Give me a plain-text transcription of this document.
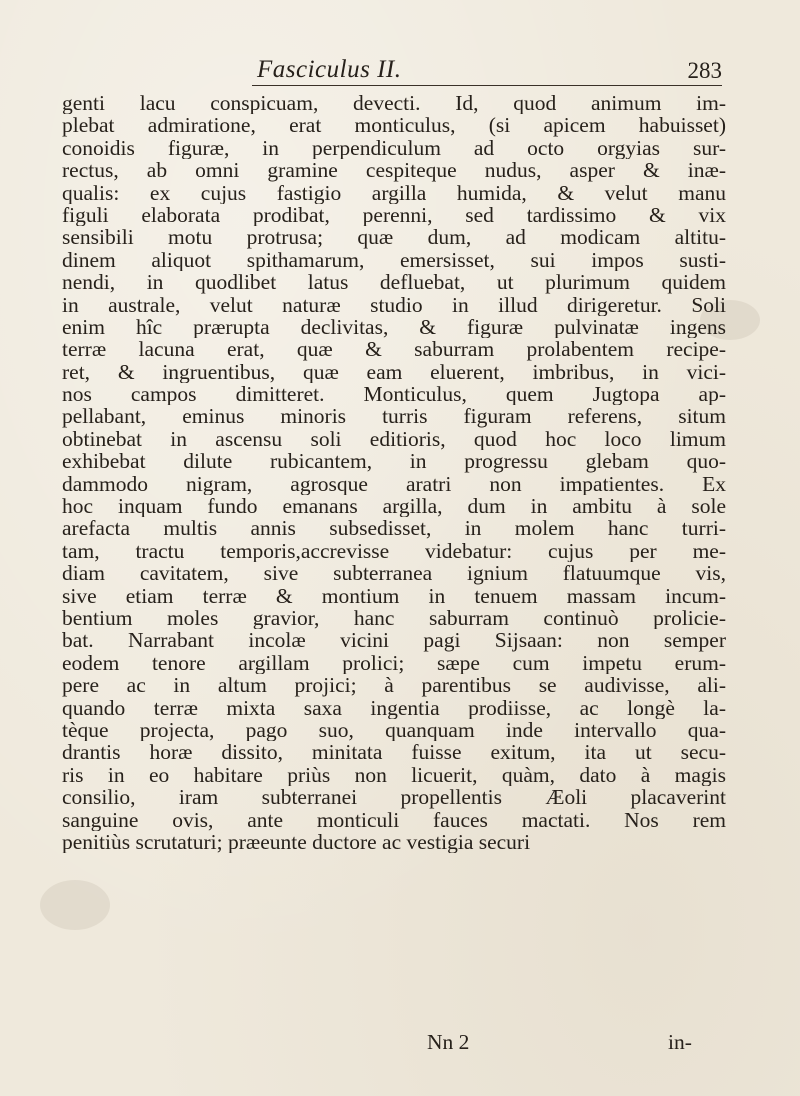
Fasciculus II.	283
genti lacu conspicuam, devecti. Id, quod animum im-
plebat admiratione, erat monticulus, (si apicem habuisset)
conoidis figuræ, in perpendiculum ad octo orgyias sur-
rectus, ab omni gramine cespiteque nudus, asper & inæ-
qualis: ex cujus fastigio argilla humida, & velut manu
figuli elaborata prodibat, perenni, sed tardissimo & vix
sensibili motu protrusa; quæ dum, ad modicam altitu-
dinem aliquot spithamarum, emersisset, sui impos susti-
nendi, in quodlibet latus defluebat, ut plurimum quidem
in australe, velut naturæ studio in illud dirigeretur. Soli
enim hîc prærupta declivitas, & figuræ pulvinatæ ingens
terræ lacuna erat, quæ & saburram prolabentem recipe-
ret, & ingruentibus, quæ eam eluerent, imbribus, in vici-
nos campos dimitteret. Monticulus, quem Jugtopa ap-
pellabant, eminus minoris turris figuram referens, situm
obtinebat in ascensu soli editioris, quod hoc loco limum
exhibebat dilute rubicantem, in progressu glebam quo-
dammodo nigram, agrosque aratri non impatientes. Ex
hoc inquam fundo emanans argilla, dum in ambitu à sole
arefacta multis annis subsedisset, in molem hanc turri-
tam, tractu temporis,accrevisse videbatur: cujus per me-
diam cavitatem, sive subterranea ignium flatuumque vis,
sive etiam terræ & montium in tenuem massam incum-
bentium moles gravior, hanc saburram continuò prolicie-
bat. Narrabant incolæ vicini pagi Sijsaan: non semper
eodem tenore argillam prolici; sæpe cum impetu erum-
pere ac in altum projici; à parentibus se audivisse, ali-
quando terræ mixta saxa ingentia prodiisse, ac longè la-
tèque projecta, pago suo, quanquam inde intervallo qua-
drantis horæ dissito, minitata fuisse exitum, ita ut secu-
ris in eo habitare priùs non licuerit, quàm, dato à magis
consilio, iram subterranei propellentis Æoli placaverint
sanguine ovis, ante monticuli fauces mactati. Nos rem
penitiùs scrutaturi; præeunte ductore ac vestigia securi
Nn 2	in-
